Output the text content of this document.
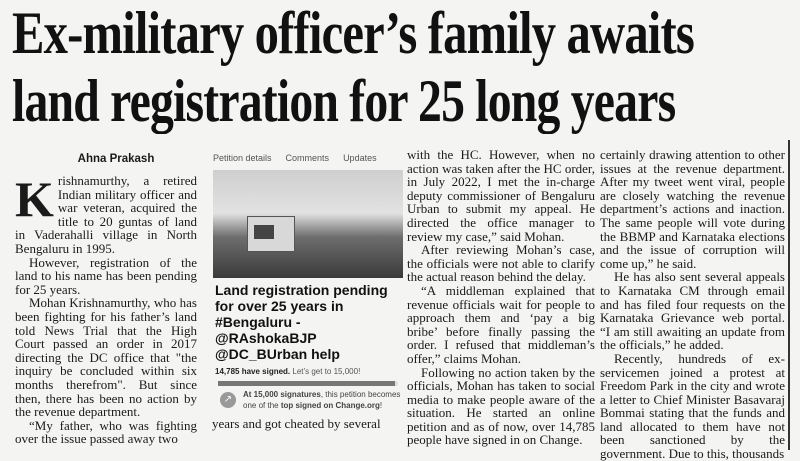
Ex-military officer’s family awaits
land registration for 25 long years
Ahna Prakash

Krishnamurthy, a retired Indian military officer and war veteran, acquired the title to 20 guntas of land in Vaderahalli village in North Bengaluru in 1995.

However, registration of the land to his name has been pending for 25 years.

Mohan Krishnamurthy, who has been fighting for his father’s land told News Trial that the High Court passed an order in 2017 directing the DC office that "the inquiry be concluded within six months therefrom". But since then, there has been no action by the revenue department.

“My father, who was fighting over the issue passed away two

Petition details Comments Updates
Land registration pending for over 25 years in #Bengaluru - @RAshokaBJP @DC_BUrban help
14,785 have signed. Let’s get to 15,000!
↗	At 15,000 signatures, this petition becomes one of the top signed on Change.org!
years and got cheated by several

with the HC. However, when no action was taken after the HC order, in July 2022, I met the in-charge deputy commissioner of Bengaluru Urban to submit my appeal. He directed the office manager to review my case,” said Mohan.

After reviewing Mohan’s case, the officials were not able to clarify the actual reason behind the delay.

“A middleman explained that revenue officials wait for people to approach them and ‘pay a big bribe’ before finally passing the order. I refused that middleman’s offer,” claims Mohan.

Following no action taken by the officials, Mohan has taken to social media to make people aware of the situation. He started an online petition and as of now, over 14,785 people have signed in on Change.

certainly drawing attention to other issues at the revenue department. After my tweet went viral, people are closely watching the revenue department’s actions and inaction. The same people will vote during the BBMP and Karnataka elections and the issue of corruption will come up,” he said.

He has also sent several appeals to Karnataka CM through email and has filed four requests on the Karnataka Grievance web portal. “I am still awaiting an update from the officials,” he added.

Recently, hundreds of ex-servicemen joined a protest at Freedom Park in the city and wrote a letter to Chief Minister Basavaraj Bommai stating that the funds and land allocated to them have not been sanctioned by the government. Due to this, thousands
